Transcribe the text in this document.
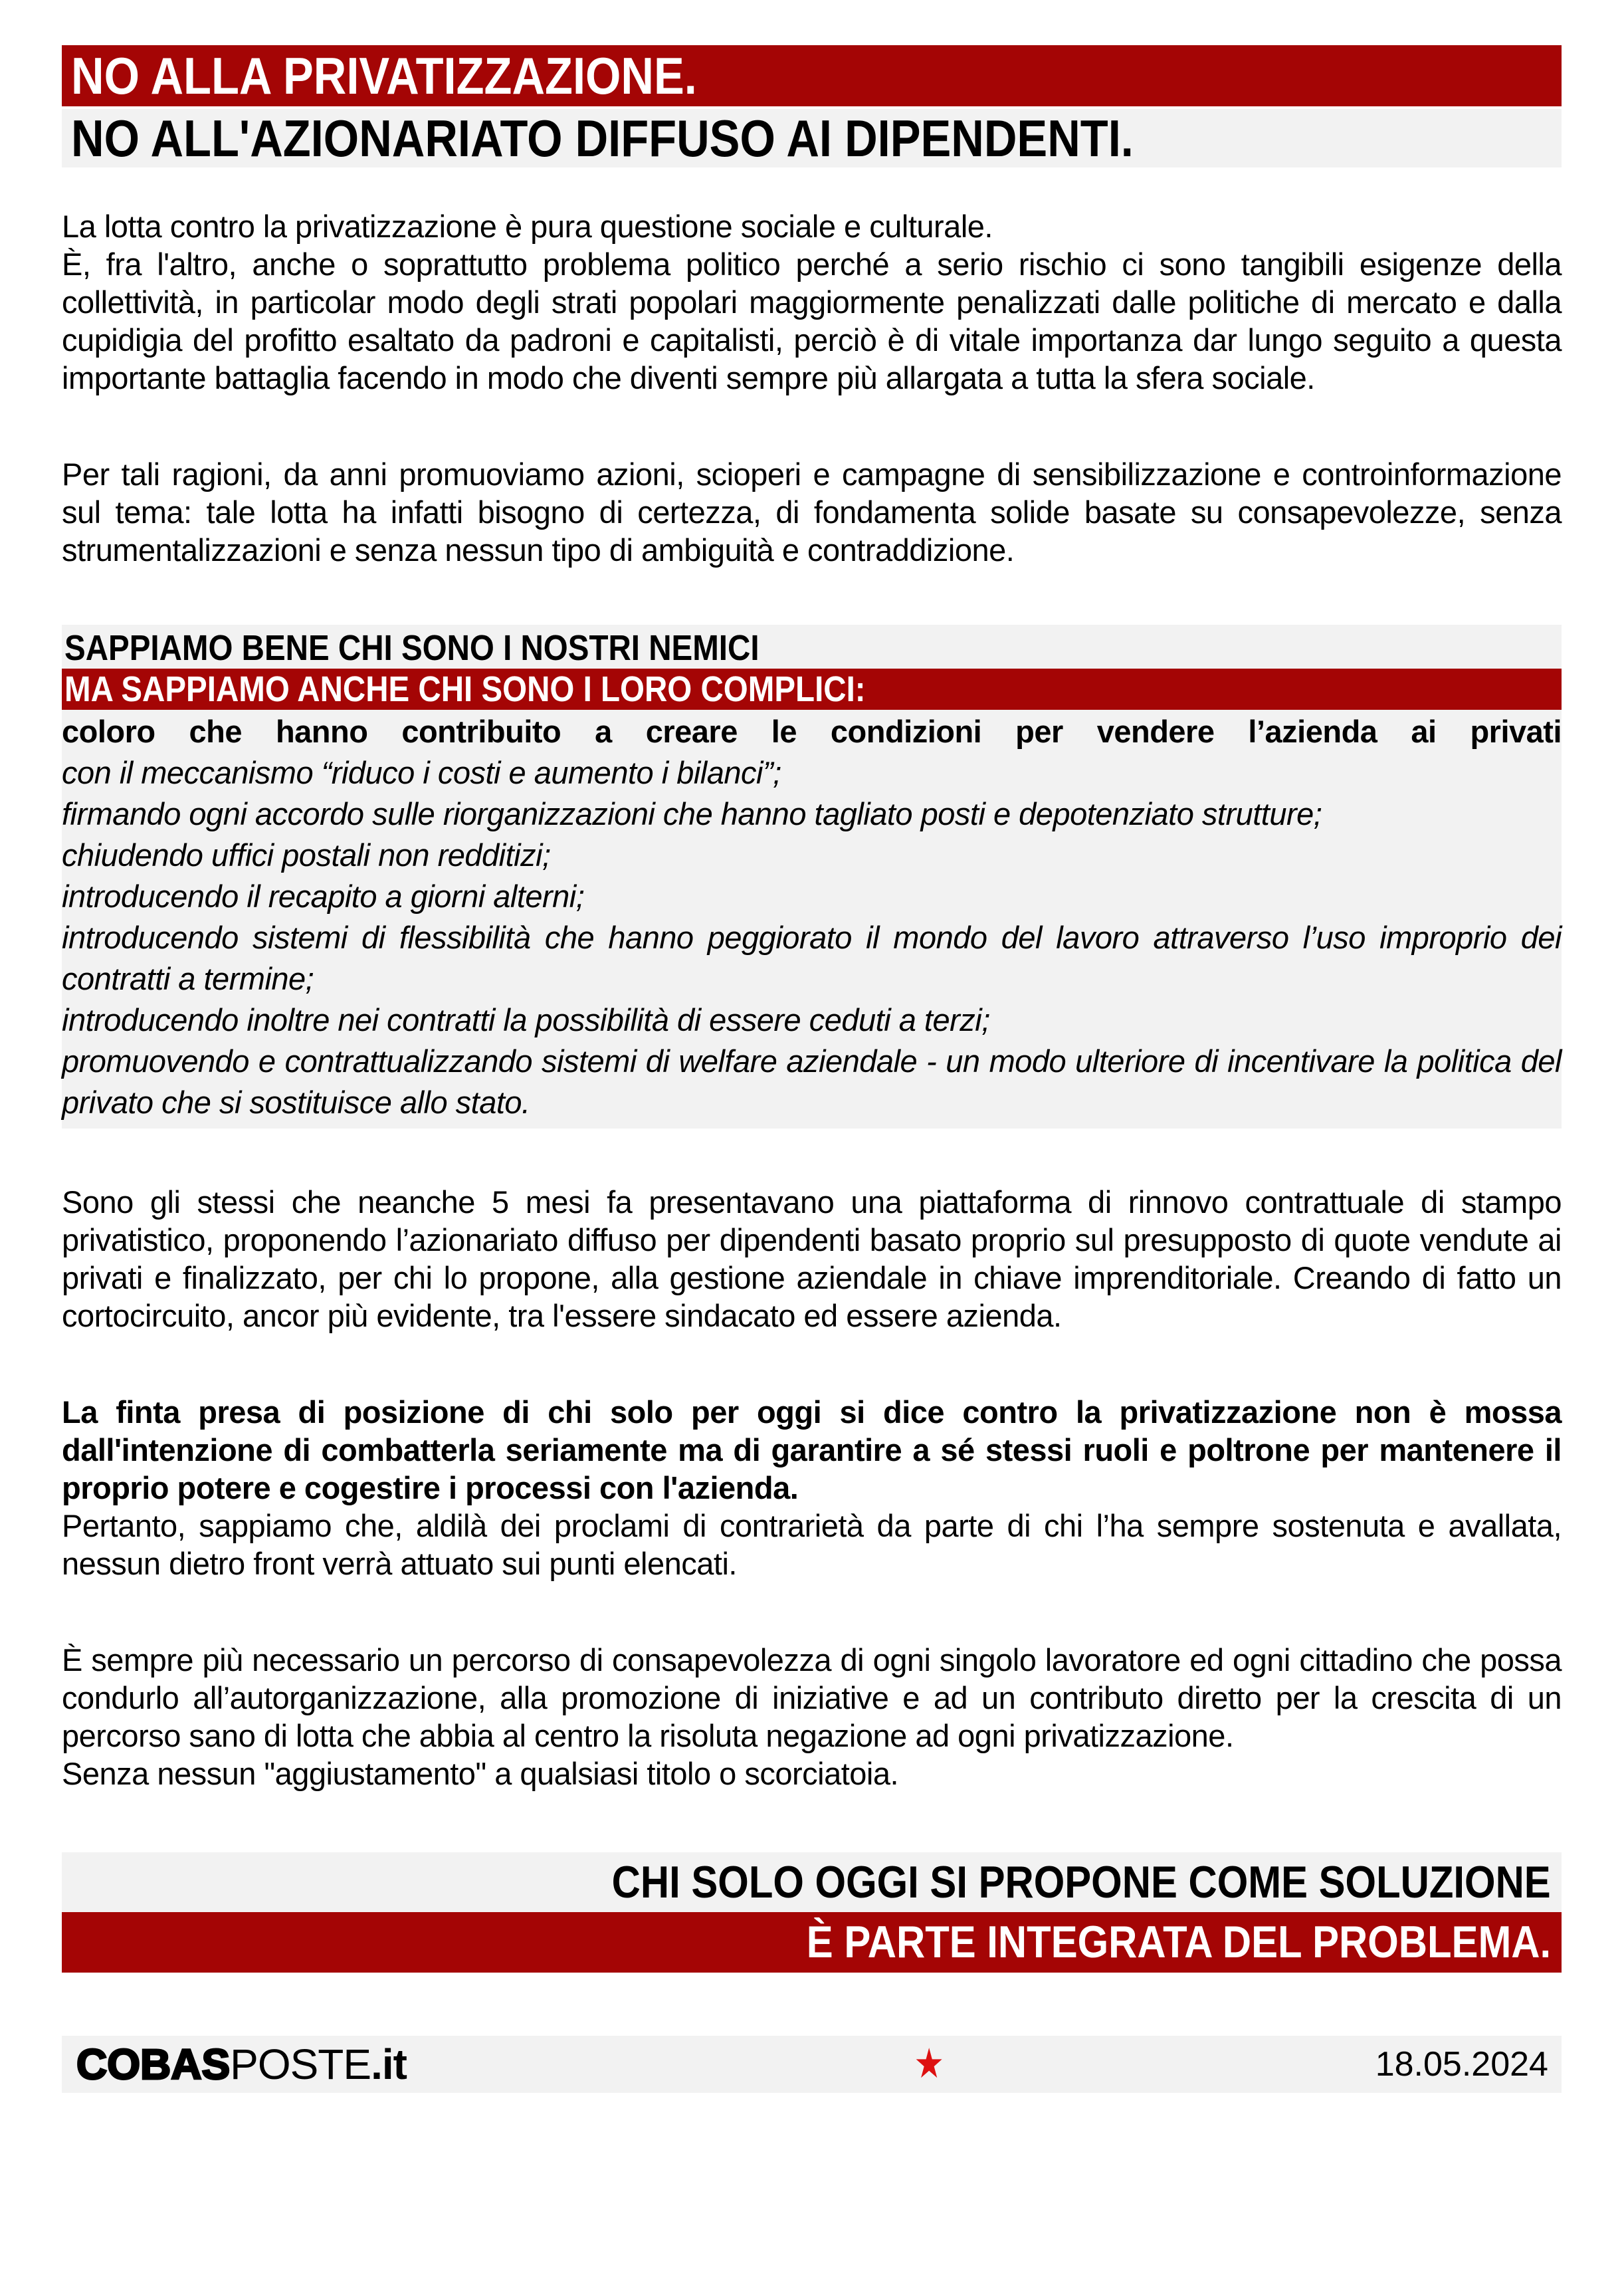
NO ALLA PRIVATIZZAZIONE.
NO ALL'AZIONARIATO DIFFUSO AI DIPENDENTI.

La lotta contro la privatizzazione è pura questione sociale e culturale.
È, fra l'altro, anche o soprattutto problema politico perché a serio rischio ci sono tangibili esigenze della collettività, in particolar modo degli strati popolari maggiormente penalizzati dalle politiche di mercato e dalla cupidigia del profitto esaltato da padroni e capitalisti, perciò è di vitale importanza dar lungo seguito a questa importante battaglia facendo in modo che diventi sempre più allargata a tutta la sfera sociale.

Per tali ragioni, da anni promuoviamo azioni, scioperi e campagne di sensibilizzazione e controinformazione sul tema: tale lotta ha infatti bisogno di certezza, di fondamenta solide basate su consapevolezze, senza strumentalizzazioni e senza nessun tipo di ambiguità e contraddizione.

SAPPIAMO BENE CHI SONO I NOSTRI NEMICI
MA SAPPIAMO ANCHE CHI SONO I LORO COMPLICI:

coloro che hanno contribuito a creare le condizioni per vendere l’azienda ai privati

con il meccanismo “riduco i costi e aumento i bilanci”;

firmando ogni accordo sulle riorganizzazioni che hanno tagliato posti e depotenziato strutture;

chiudendo uffici postali non redditizi;

introducendo il recapito a giorni alterni;

introducendo sistemi di flessibilità che hanno peggiorato il mondo del lavoro attraverso l’uso improprio dei contratti a termine;

introducendo inoltre nei contratti la possibilità di essere ceduti a terzi;

promuovendo e contrattualizzando sistemi di welfare aziendale - un modo ulteriore di incentivare la politica del privato che si sostituisce allo stato.

Sono gli stessi che neanche 5 mesi fa presentavano una piattaforma di rinnovo contrattuale di stampo privatistico, proponendo l’azionariato diffuso per dipendenti basato proprio sul presupposto di quote vendute ai privati e finalizzato, per chi lo propone, alla gestione aziendale in chiave imprenditoriale. Creando di fatto un cortocircuito, ancor più evidente, tra l'essere sindacato ed essere azienda.

La finta presa di posizione di chi solo per oggi si dice contro la privatizzazione non è mossa dall'intenzione di combatterla seriamente ma di garantire a sé stessi ruoli e poltrone per mantenere il proprio potere e cogestire i processi con l'azienda.
Pertanto, sappiamo che, aldilà dei proclami di contrarietà da parte di chi l’ha sempre sostenuta e avallata, nessun dietro front verrà attuato sui punti elencati.

È sempre più necessario un percorso di consapevolezza di ogni singolo lavoratore ed ogni cittadino che possa condurlo all’autorganizzazione, alla promozione di iniziative e ad un contributo diretto per la crescita di un percorso sano di lotta che abbia al centro la risoluta negazione ad ogni privatizzazione.
Senza nessun "aggiustamento" a qualsiasi titolo o scorciatoia.

CHI SOLO OGGI SI PROPONE COME SOLUZIONE
È PARTE INTEGRATA DEL PROBLEMA.
COBASPOSTE.it	★	18.05.2024
